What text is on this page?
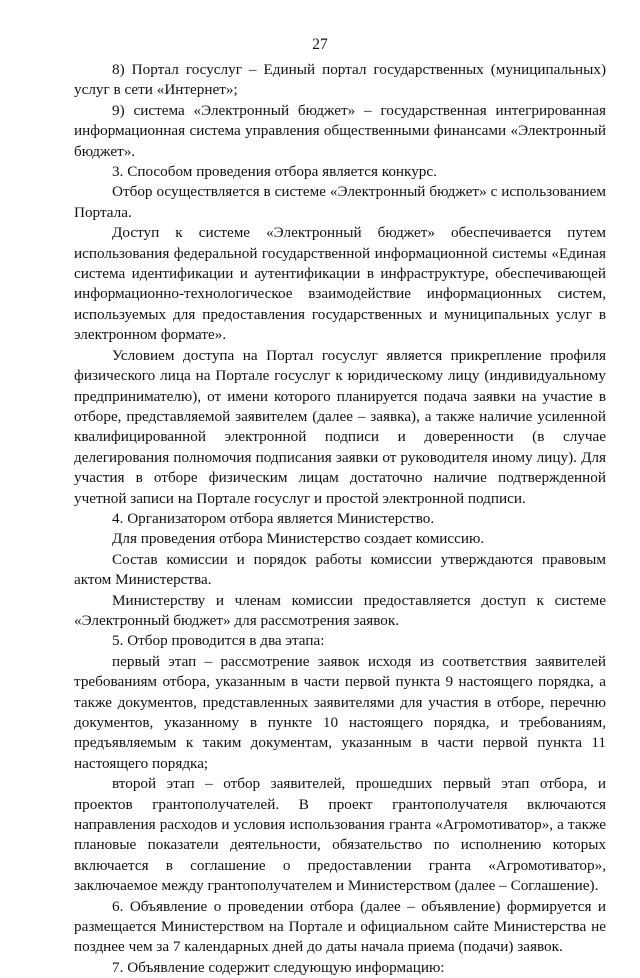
27

8) Портал госуслуг – Единый портал государственных (муниципальных) услуг в сети «Интернет»;

9) система «Электронный бюджет» – государственная интегрированная информационная система управления общественными финансами «Электронный бюджет».

3. Способом проведения отбора является конкурс.

Отбор осуществляется в системе «Электронный бюджет» с использованием Портала.

Доступ к системе «Электронный бюджет» обеспечивается путем использования федеральной государственной информационной системы «Единая система идентификации и аутентификации в инфраструктуре, обеспечивающей информационно-технологическое взаимодействие информационных систем, используемых для предоставления государственных и муниципальных услуг в электронном формате».

Условием доступа на Портал госуслуг является прикрепление профиля физического лица на Портале госуслуг к юридическому лицу (индивидуальному предпринимателю), от имени которого планируется подача заявки на участие в отборе, представляемой заявителем (далее – заявка), а также наличие усиленной квалифицированной электронной подписи и доверенности (в случае делегирования полномочия подписания заявки от руководителя иному лицу). Для участия в отборе физическим лицам достаточно наличие подтвержденной учетной записи на Портале госуслуг и простой электронной подписи.

4. Организатором отбора является Министерство.

Для проведения отбора Министерство создает комиссию.

Состав комиссии и порядок работы комиссии утверждаются правовым актом Министерства.

Министерству и членам комиссии предоставляется доступ к системе «Электронный бюджет» для рассмотрения заявок.

5. Отбор проводится в два этапа:

первый этап – рассмотрение заявок исходя из соответствия заявителей требованиям отбора, указанным в части первой пункта 9 настоящего порядка, а также документов, представленных заявителями для участия в отборе, перечню документов, указанному в пункте 10 настоящего порядка, и требованиям, предъявляемым к таким документам, указанным в части первой пункта 11 настоящего порядка;

второй этап – отбор заявителей, прошедших первый этап отбора, и проектов грантополучателей. В проект грантополучателя включаются направления расходов и условия использования гранта «Агромотиватор», а также плановые показатели деятельности, обязательство по исполнению которых включается в соглашение о предоставлении гранта «Агромотиватор», заключаемое между грантополучателем и Министерством (далее – Соглашение).

6. Объявление о проведении отбора (далее – объявление) формируется и размещается Министерством на Портале и официальном сайте Министерства не позднее чем за 7 календарных дней до даты начала приема (подачи) заявок.

7. Объявление содержит следующую информацию:
